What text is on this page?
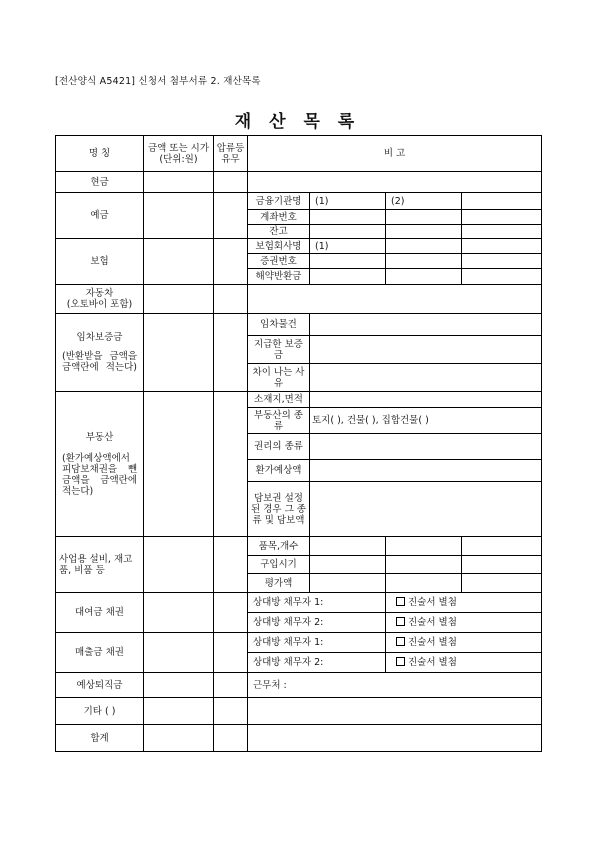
[전산양식 A5421] 신청서 첨부서류 2. 재산목록
재 산 목 록
명 칭	금액 또는 시가(단위:원)	압류등 유무	비 고			
현금						
예금			금융기관명	(1)	(2)	
			계좌번호			
			잔고			
보험			보험회사명	(1)		
			증권번호			
			해약반환금			
자동차
(오토바이 포함)						

임차보증금
(반환받을 금액을 금액란에 적는다)			임차물건			
			지급한 보증금			
			차이 나는 사유			

부동산
(환가예상액에서 피담보채권을 뺀 금액을 금액란에 적는다)			소재지,면적			
			부동산의 종류	토지( ), 건물( ), 집합건물( )		
			권리의 종류			
			환가예상액			
			담보권 설정된 경우 그 종류 및 담보액			
사업용 설비, 재고품, 비품 등			품목,개수			
			구입시기			
			평가액			
대여금 채권			상대방 채무자 1:		진술서 별첨	
			상대방 채무자 2:		진술서 별첨	
매출금 채권			상대방 채무자 1:		진술서 별첨	
			상대방 채무자 2:		진술서 별첨	
예상퇴직금			근무처 :			
기타 ( )						
합계						
